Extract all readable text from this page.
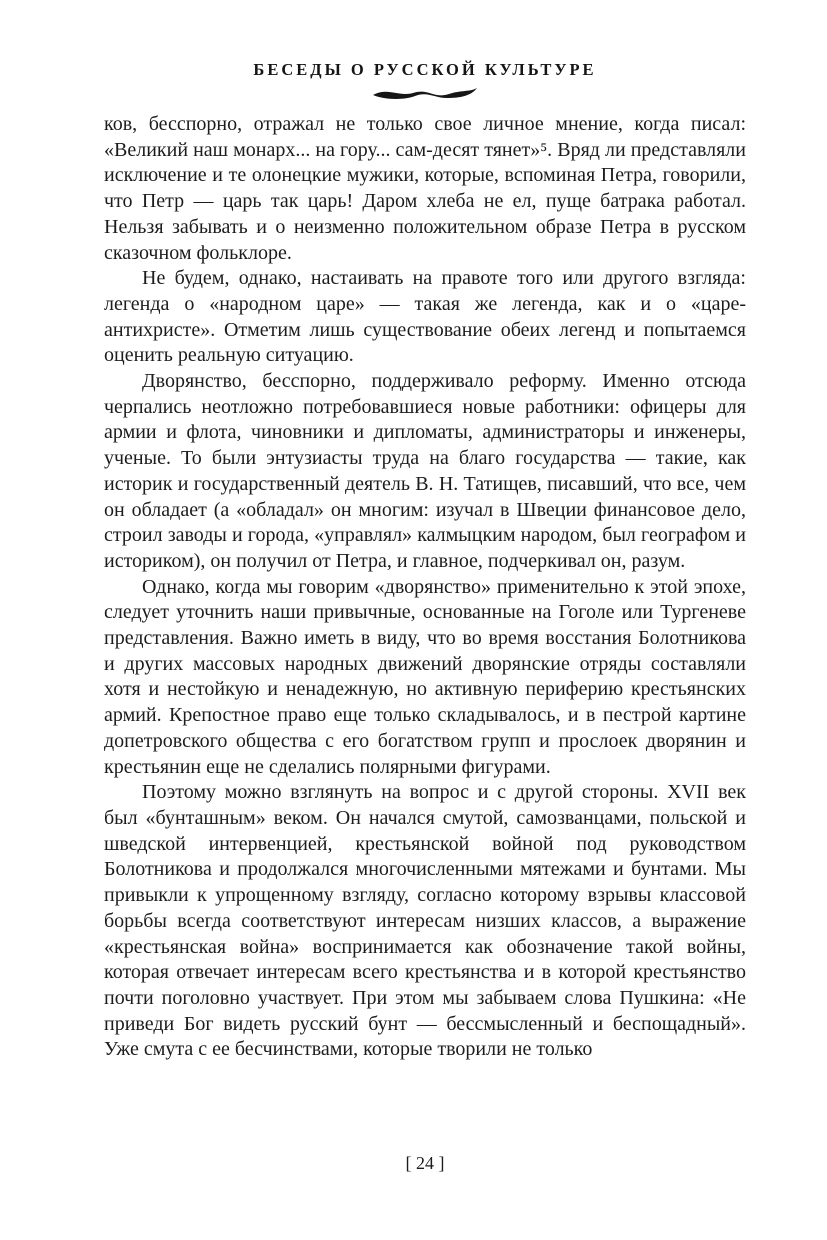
БЕСЕДЫ О РУССКОЙ КУЛЬТУРЕ

ков, бесспорно, отражал не только свое личное мнение, когда писал: «Великий наш монарх... на гору... сам-десят тянет»⁵. Вряд ли представляли исключение и те олонецкие мужики, которые, вспоминая Петра, говорили, что Петр — царь так царь! Даром хлеба не ел, пуще батрака работал. Нельзя забывать и о неизменно положительном образе Петра в русском сказочном фольклоре.

Не будем, однако, настаивать на правоте того или другого взгляда: легенда о «народном царе» — такая же легенда, как и о «царе-антихристе». Отметим лишь существование обеих легенд и попытаемся оценить реальную ситуацию.

Дворянство, бесспорно, поддерживало реформу. Именно отсюда черпались неотложно потребовавшиеся новые работники: офицеры для армии и флота, чиновники и дипломаты, администраторы и инженеры, ученые. То были энтузиасты труда на благо государства — такие, как историк и государственный деятель В. Н. Татищев, писавший, что все, чем он обладает (а «обладал» он многим: изучал в Швеции финансовое дело, строил заводы и города, «управлял» калмыцким народом, был географом и историком), он получил от Петра, и главное, подчеркивал он, разум.

Однако, когда мы говорим «дворянство» применительно к этой эпохе, следует уточнить наши привычные, основанные на Гоголе или Тургеневе представления. Важно иметь в виду, что во время восстания Болотникова и других массовых народных движений дворянские отряды составляли хотя и нестойкую и ненадежную, но активную периферию крестьянских армий. Крепостное право еще только складывалось, и в пестрой картине допетровского общества с его богатством групп и прослоек дворянин и крестьянин еще не сделались полярными фигурами.

Поэтому можно взглянуть на вопрос и с другой стороны. XVII век был «бунташным» веком. Он начался смутой, самозванцами, польской и шведской интервенцией, крестьянской войной под руководством Болотникова и продолжался многочисленными мятежами и бунтами. Мы привыкли к упрощенному взгляду, согласно которому взрывы классовой борьбы всегда соответствуют интересам низших классов, а выражение «крестьянская война» воспринимается как обозначение такой войны, которая отвечает интересам всего крестьянства и в которой крестьянство почти поголовно участвует. При этом мы забываем слова Пушкина: «Не приведи Бог видеть русский бунт — бессмысленный и беспощадный». Уже смута с ее бесчинствами, которые творили не только

[ 24 ]
